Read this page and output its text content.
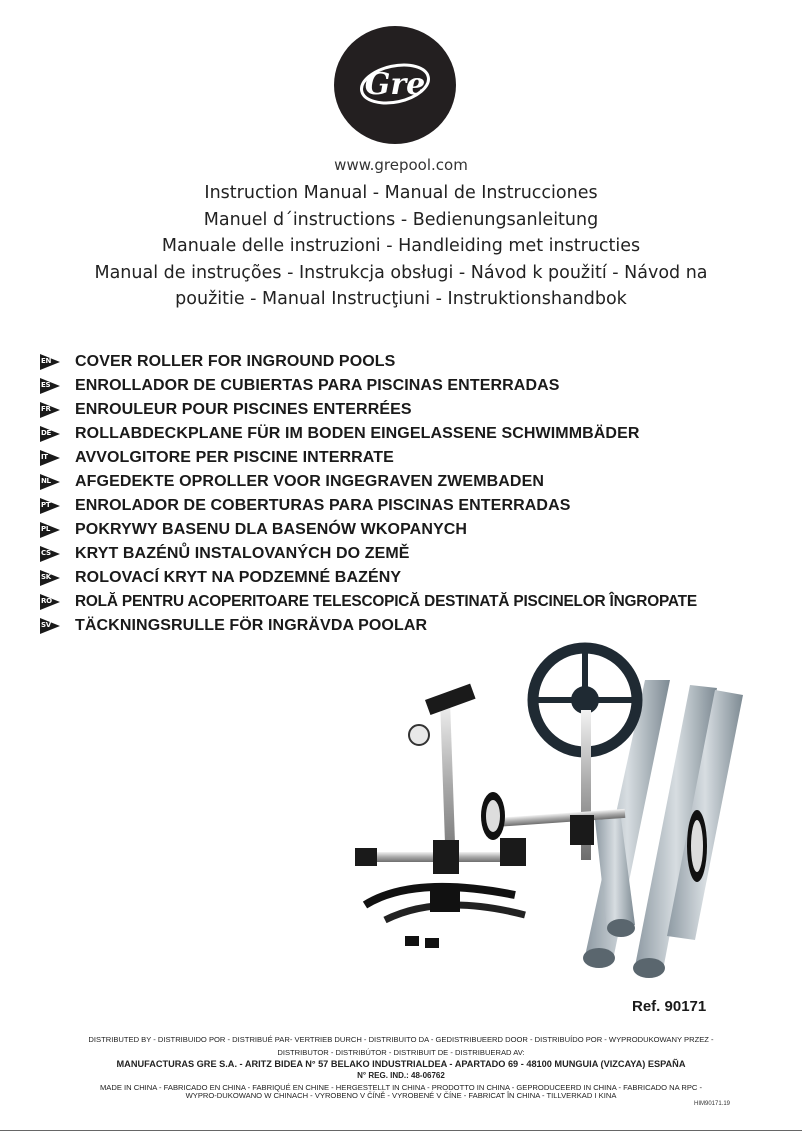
Gre
www.grepool.com
Instruction Manual - Manual de Instrucciones
Manuel d´instructions - Bedienungsanleitung
Manuale delle instruzioni - Handleiding met instructies
Manual de instruções - Instrukcja obsługi - Návod k použití - Návod na
použitie - Manual Instrucţiuni - Instruktionshandbok
EN COVER ROLLER FOR INGROUND POOLS
ES ENROLLADOR DE CUBIERTAS PARA PISCINAS ENTERRADAS
FR ENROULEUR POUR PISCINES ENTERRÉES
DE ROLLABDECKPLANE FÜR IM BODEN EINGELASSENE SCHWIMMBÄDER
IT AVVOLGITORE PER PISCINE INTERRATE
NL AFGEDEKTE OPROLLER VOOR INGEGRAVEN ZWEMBADEN
PT ENROLADOR DE COBERTURAS PARA PISCINAS ENTERRADAS
PL POKRYWY BASENU DLA BASENÓW WKOPANYCH
CS KRYT BAZÉNŮ INSTALOVANÝCH DO ZEMĚ
SK ROLOVACÍ KRYT NA PODZEMNÉ BAZÉNY
RO ROLĂ PENTRU ACOPERITOARE TELESCOPICĂ DESTINATĂ PISCINELOR ÎNGROPATE
SV TÄCKNINGSRULLE FÖR INGRÄVDA POOLAR
Ref. 90171
DISTRIBUTED BY - DISTRIBUIDO POR - DISTRIBUÉ PAR- VERTRIEB DURCH - DISTRIBUITO DA - GEDISTRIBUEERD DOOR - DISTRIBUÍDO POR - WYPRODUKOWANY PRZEZ -
DISTRIBUTOR - DISTRIBÚTOR - DISTRIBUIT DE - DISTRIBUERAD AV:
MANUFACTURAS GRE S.A. - ARITZ BIDEA N° 57 BELAKO INDUSTRIALDEA - APARTADO 69 - 48100 MUNGUIA (VIZCAYA) ESPAÑA
N° REG. IND.: 48-06762
MADE IN CHINA - FABRICADO EN CHINA - FABRIQUÉ EN CHINE - HERGESTELLT IN CHINA - PRODOTTO IN CHINA - GEPRODUCEERD IN CHINA - FABRICADO NA RPC -
WYPRO-DUKOWANO W CHINACH - VYROBENO V ČÍNĚ - VYROBENÉ V ČÍNE - FABRICAT ÎN CHINA - TILLVERKAD I KINA
HIM90171.19
